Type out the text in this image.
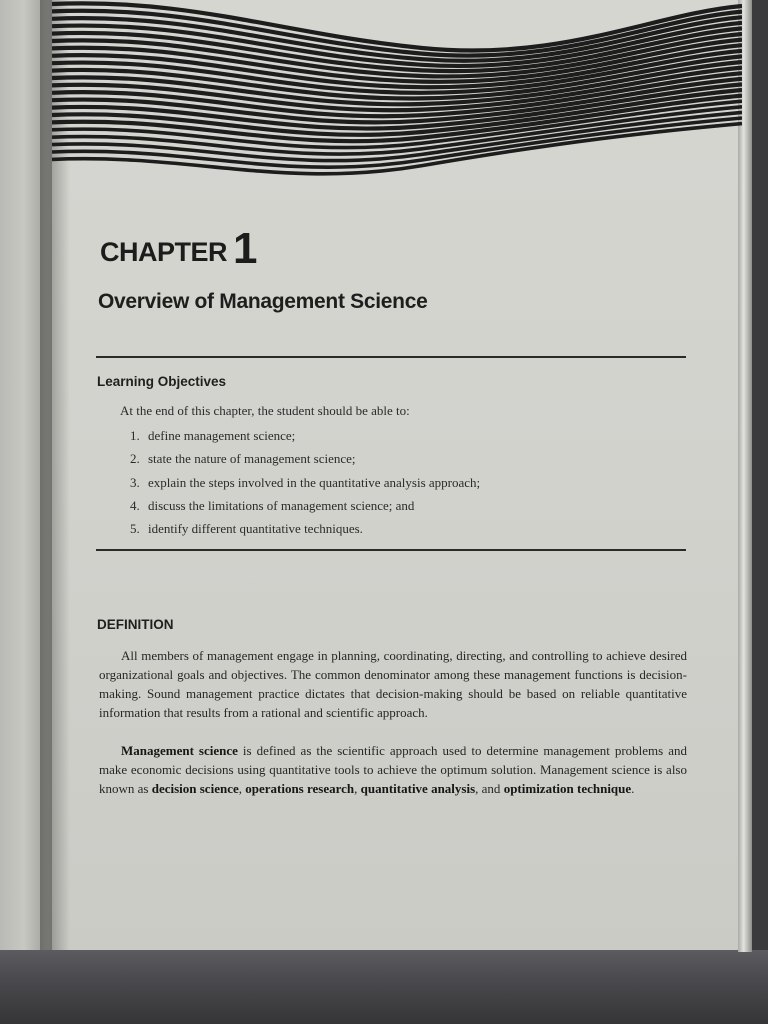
CHAPTER 1
Overview of Management Science
Learning Objectives
At the end of this chapter, the student should be able to:
1. define management science;
2. state the nature of management science;
3. explain the steps involved in the quantitative analysis approach;
4. discuss the limitations of management science; and
5. identify different quantitative techniques.
DEFINITION

All members of management engage in planning, coordinating, directing, and controlling to achieve desired organizational goals and objectives. The common denominator among these management functions is decision-making. Sound management practice dictates that decision-making should be based on reliable quantitative information that results from a rational and scientific approach.

Management science is defined as the scientific approach used to determine management problems and make economic decisions using quantitative tools to achieve the optimum solution. Management science is also known as decision science, operations research, quantitative analysis, and optimization technique.
